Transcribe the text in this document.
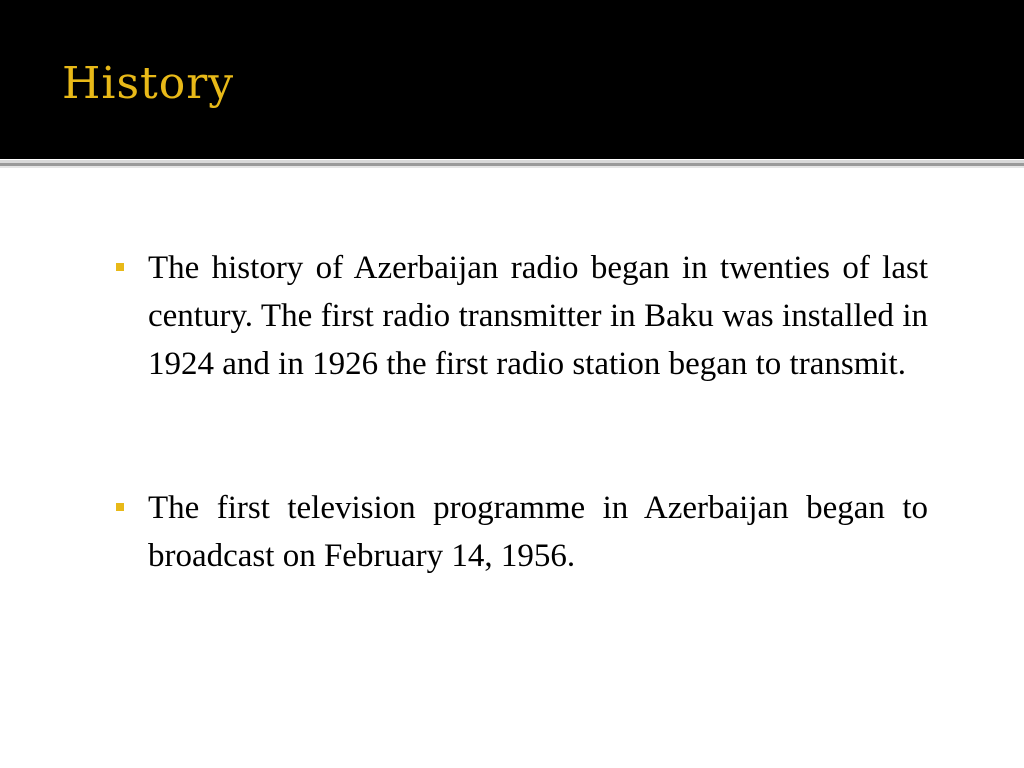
History
The history of Azerbaijan radio began in twenties of last century. The first radio transmitter in Baku was installed in 1924 and in 1926 the first radio station began to transmit.
The first television programme in Azerbaijan began to broadcast on February 14, 1956.
